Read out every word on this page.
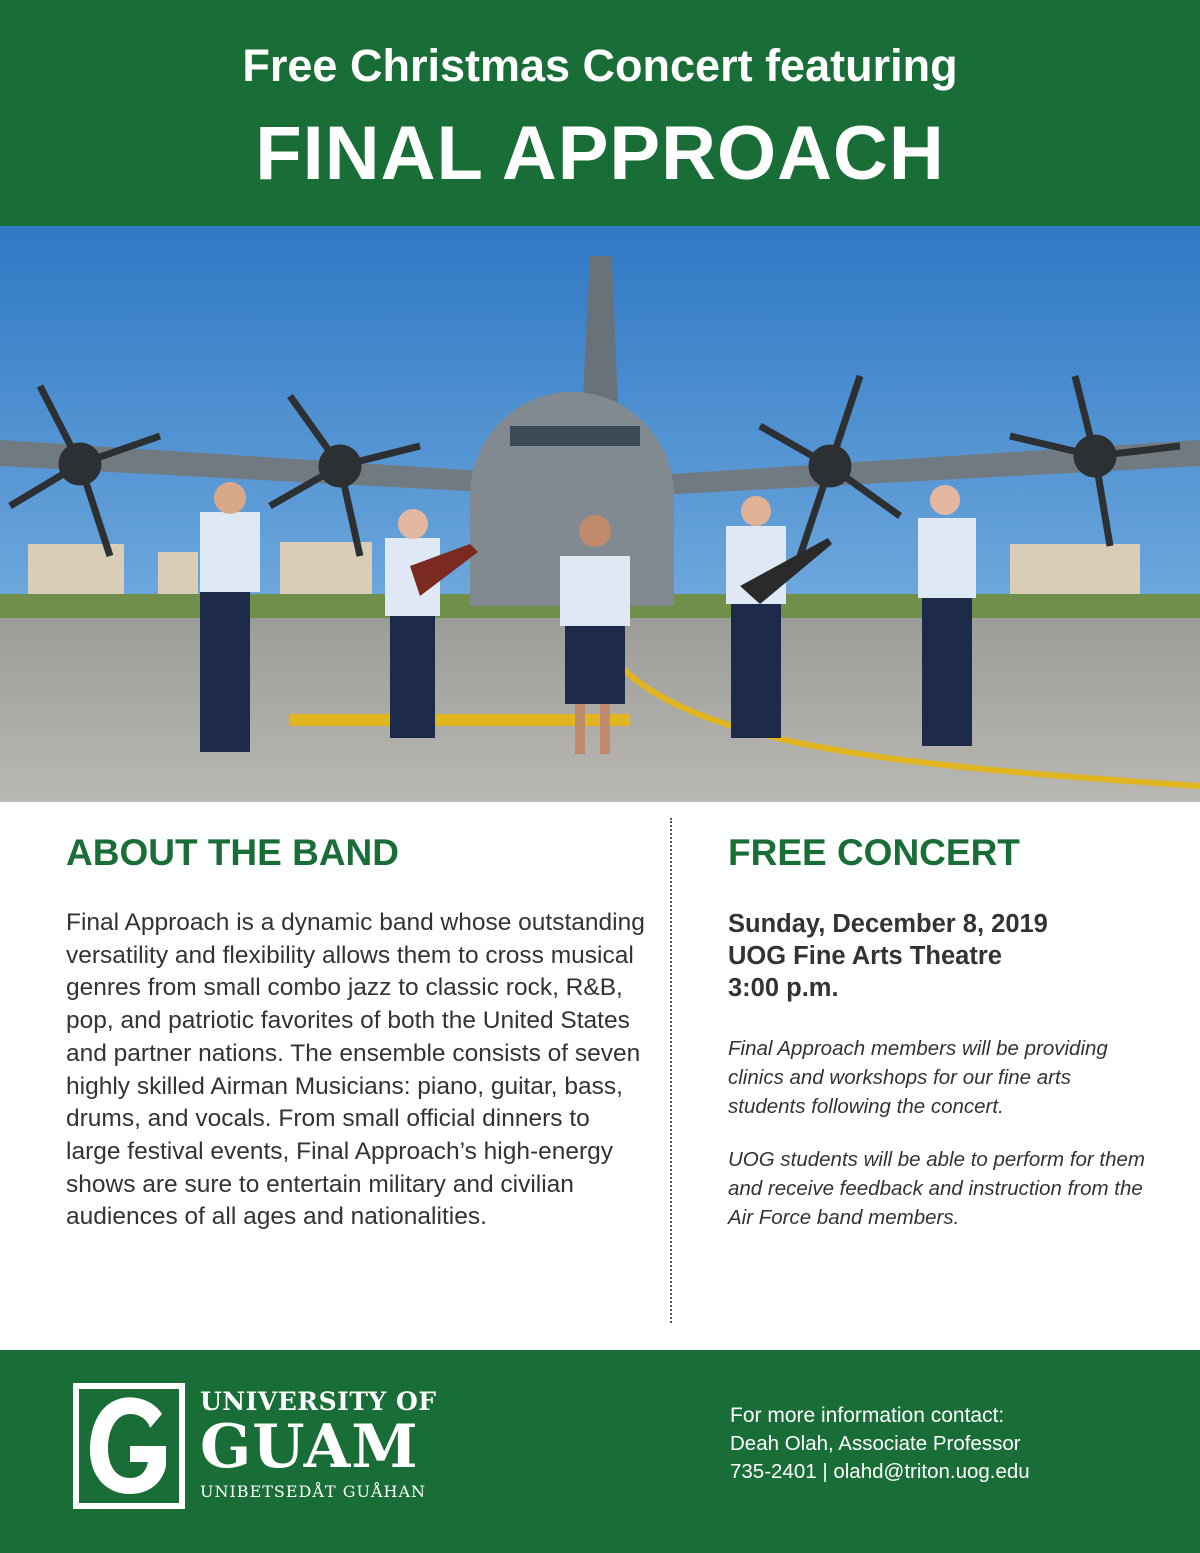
Free Christmas Concert featuring
FINAL APPROACH
ABOUT THE BAND
Final Approach is a dynamic band whose outstanding versatility and flexibility allows them to cross musical genres from small combo jazz to classic rock, R&B, pop, and patriotic favorites of both the United States and partner nations. The ensemble consists of seven highly skilled Airman Musicians: piano, guitar, bass, drums, and vocals. From small official dinners to large festival events, Final Approach’s high-energy shows are sure to entertain military and civilian audiences of all ages and nationalities.
FREE CONCERT
Sunday, December 8, 2019
UOG Fine Arts Theatre
3:00 p.m.
Final Approach members will be providing clinics and workshops for our fine arts students following the concert.
UOG students will be able to perform for them and receive feedback and instruction from the Air Force band members.
UNIVERSITY OF
GUAM
UNIBETSEDÅT GUÅHAN
For more information contact:
Deah Olah, Associate Professor
735-2401 | olahd@triton.uog.edu
